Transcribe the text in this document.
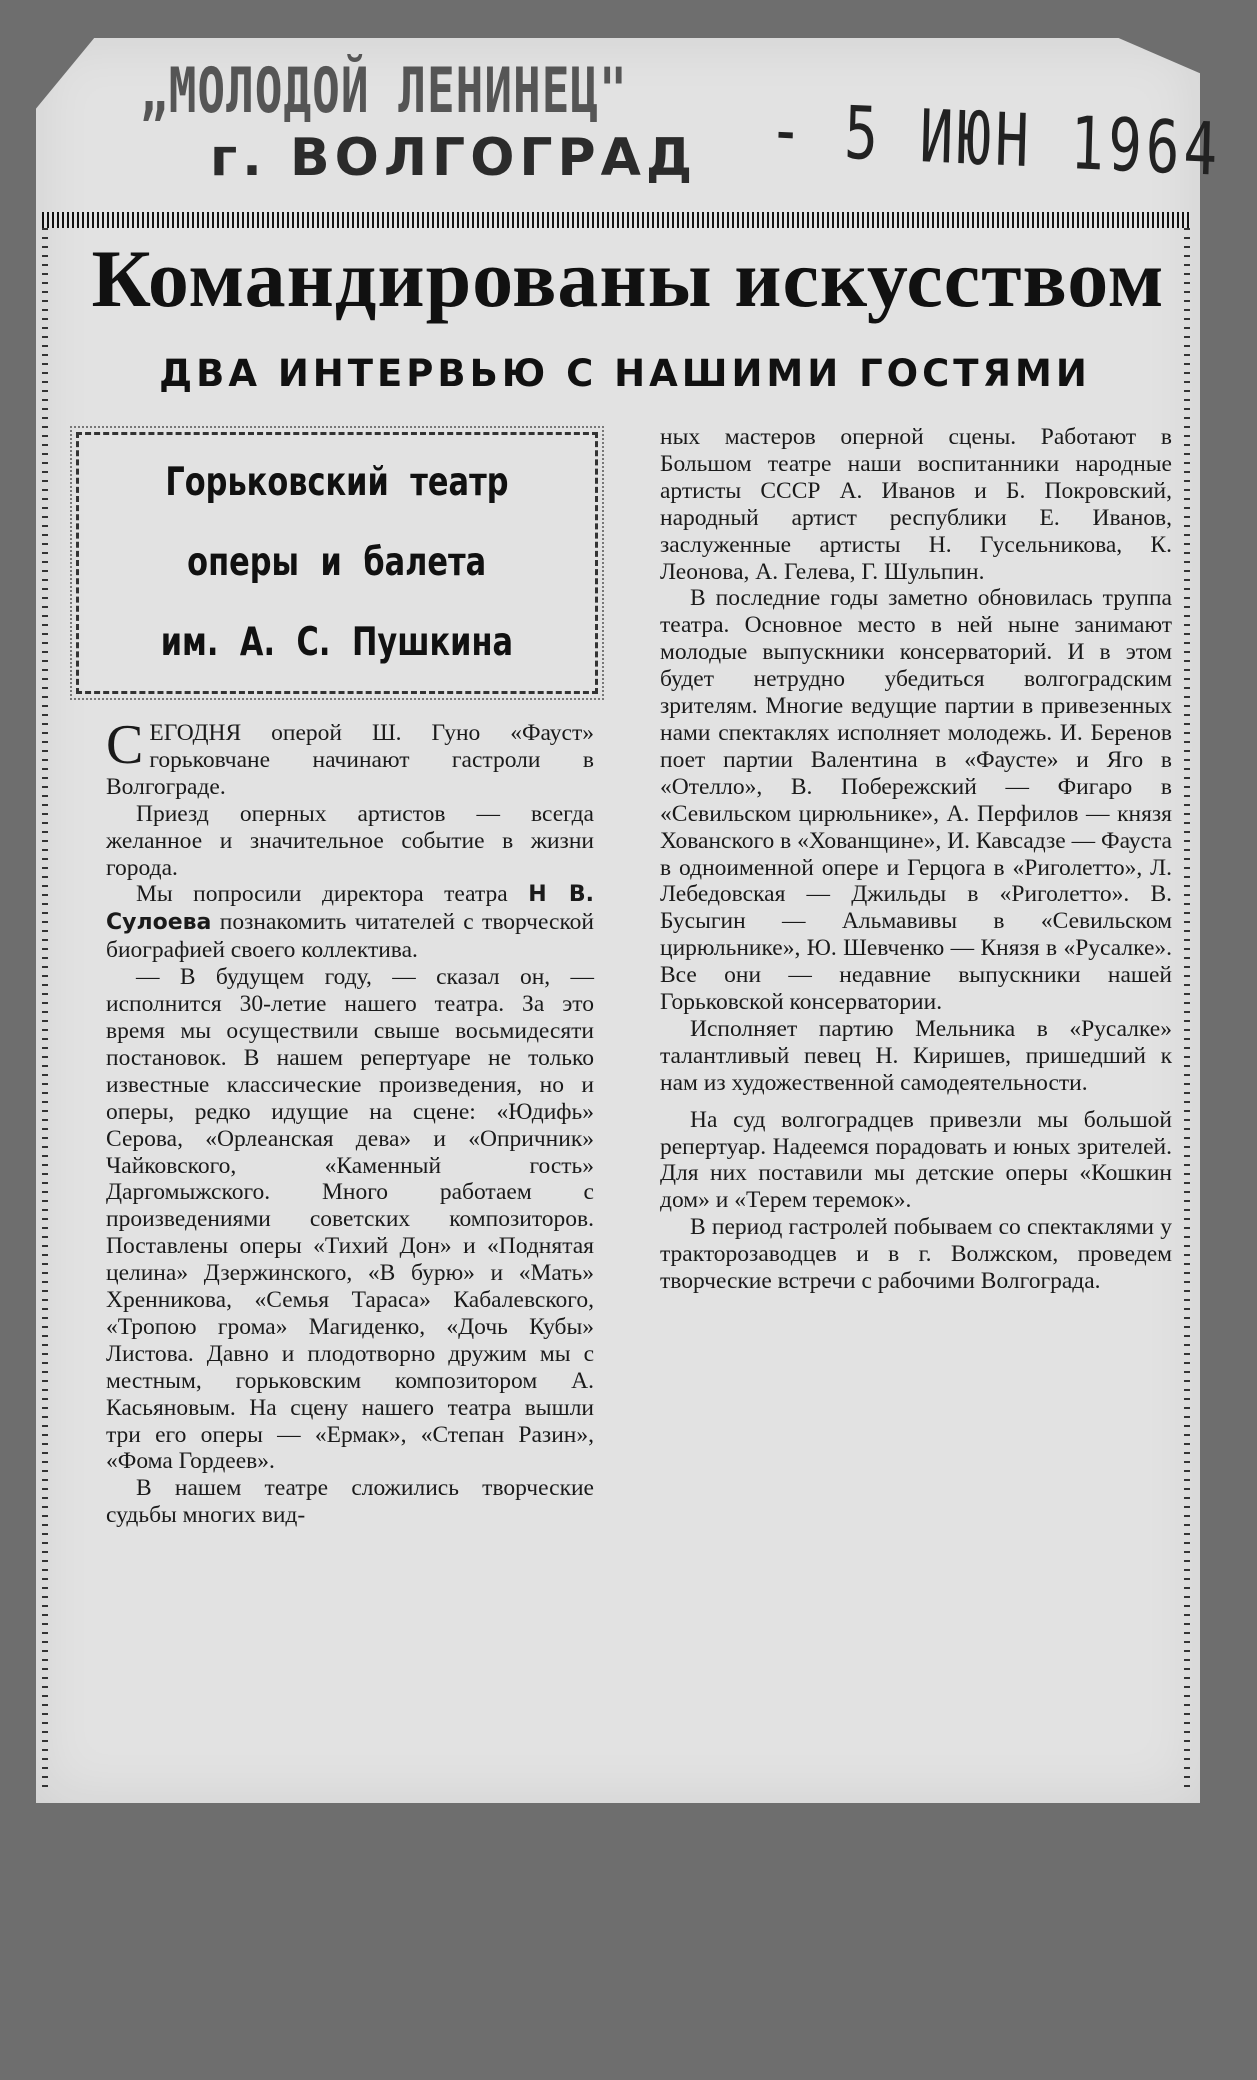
„МОЛОДОЙ ЛЕНИНЕЦ"
г. ВОЛГОГРАД - 5 ИЮН 1964
Командированы искусством
ДВА ИНТЕРВЬЮ С НАШИМИ ГОСТЯМИ
Горьковский театр
оперы и балета
им. А. С. Пушкина

СЕГОДНЯ оперой Ш. Гуно «Фауст» горьковчане начинают гастроли в Волгограде.

Приезд оперных артистов — всегда желанное и значительное событие в жизни города.

Мы попросили директора театра Н В. Сулоева познакомить читателей с творческой биографией своего коллектива.

— В будущем году, — сказал он, — исполнится 30-летие нашего театра. За это время мы осуществили свыше восьмидесяти постановок. В нашем репертуаре не только известные классические произведения, но и оперы, редко идущие на сцене: «Юдифь» Серова, «Орлеанская дева» и «Опричник» Чайковского, «Каменный гость» Даргомыжского. Много работаем с произведениями советских композиторов. Поставлены оперы «Тихий Дон» и «Поднятая целина» Дзержинского, «В бурю» и «Мать» Хренникова, «Семья Тараса» Кабалевского, «Тропою грома» Магиденко, «Дочь Кубы» Листова. Давно и плодотворно дружим мы с местным, горьковским композитором А. Касьяновым. На сцену нашего театра вышли три его оперы — «Ермак», «Степан Разин», «Фома Гордеев».

В нашем театре сложились творческие судьбы многих вид-

ных мастеров оперной сцены. Работают в Большом театре наши воспитанники народные артисты СССР А. Иванов и Б. Покровский, народный артист республики Е. Иванов, заслуженные артисты Н. Гусельникова, К. Леонова, А. Гелева, Г. Шульпин.

В последние годы заметно обновилась труппа театра. Основное место в ней ныне занимают молодые выпускники консерваторий. И в этом будет нетрудно убедиться волгоградским зрителям. Многие ведущие партии в привезенных нами спектаклях исполняет молодежь. И. Беренов поет партии Валентина в «Фаусте» и Яго в «Отелло», В. Побережский — Фигаро в «Севильском цирюльнике», А. Перфилов — князя Хованского в «Хованщине», И. Кавсадзе — Фауста в одноименной опере и Герцога в «Риголетто», Л. Лебедовская — Джильды в «Риголетто». В. Бусыгин — Альмавивы в «Севильском цирюльнике», Ю. Шевченко — Князя в «Русалке». Все они — недавние выпускники нашей Горьковской консерватории.

Исполняет партию Мельника в «Русалке» талантливый певец Н. Киришев, пришедший к нам из художественной самодеятельности.

На суд волгоградцев привезли мы большой репертуар. Надеемся порадовать и юных зрителей. Для них поставили мы детские оперы «Кошкин дом» и «Терем теремок».

В период гастролей побываем со спектаклями у тракторозаводцев и в г. Волжском, проведем творческие встречи с рабочими Волгограда.
